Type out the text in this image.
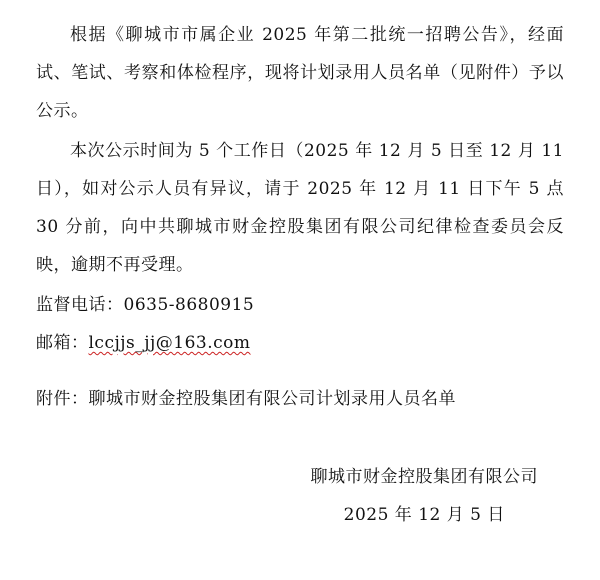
根据《聊城市市属企业 2025 年第二批统一招聘公告》，经面试、笔试、考察和体检程序，现将计划录用人员名单（见附件）予以公示。

本次公示时间为 5 个工作日（2025 年 12 月 5 日至 12 月 11 日），如对公示人员有异议，请于 2025 年 12 月 11 日下午 5 点 30 分前，向中共聊城市财金控股集团有限公司纪律检查委员会反映，逾期不再受理。

监督电话：0635-8680915

邮箱：lccjjs_jj@163.com

附件：聊城市财金控股集团有限公司计划录用人员名单

聊城市财金控股集团有限公司
2025 年 12 月 5 日
